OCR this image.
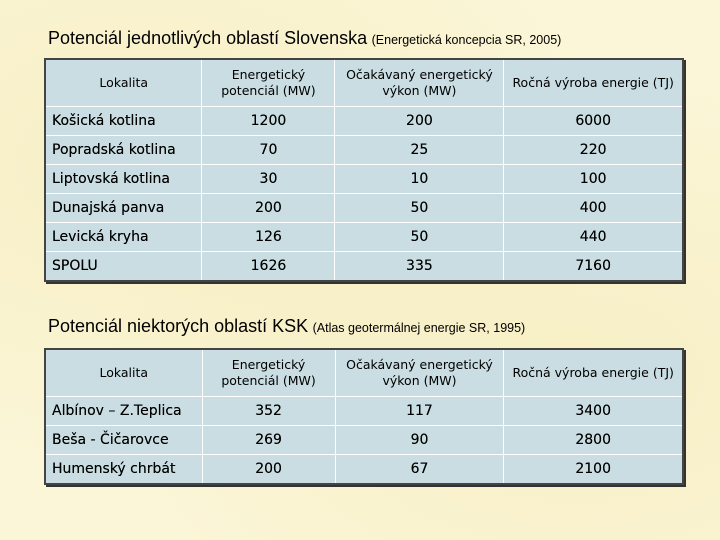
Potenciál jednotlivých oblastí Slovenska (Energetická koncepcia SR, 2005)
Lokalita	Energetický potenciál (MW)	Očakávaný energetický výkon (MW)	Ročná výroba energie (TJ)
Košická kotlina	1200	200	6000
Popradská kotlina	70	25	220
Liptovská kotlina	30	10	100
Dunajská panva	200	50	400
Levická kryha	126	50	440
SPOLU	1626	335	7160
Potenciál niektorých oblastí KSK (Atlas geotermálnej energie SR, 1995)
Lokalita	Energetický potenciál (MW)	Očakávaný energetický výkon (MW)	Ročná výroba energie (TJ)
Albínov – Z.Teplica	352	117	3400
Beša - Čičarovce	269	90	2800
Humenský chrbát	200	67	2100
